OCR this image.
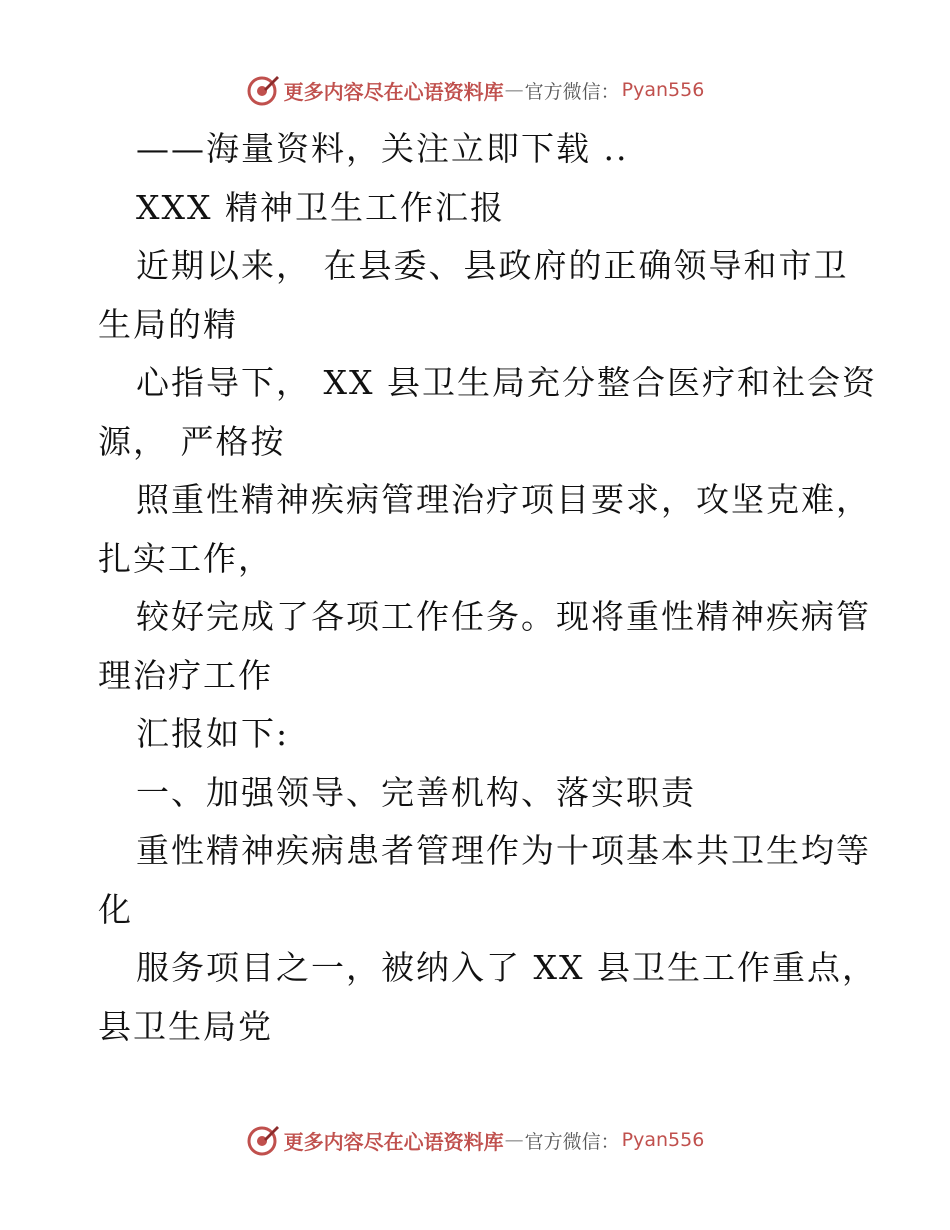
更多内容尽在心语资料库 — 官方微信： Pyan556
——海量资料，关注立即下载 ..
XXX 精神卫生工作汇报
近期以来， 在县委、县政府的正确领导和市卫
生局的精
心指导下， XX 县卫生局充分整合医疗和社会资
源， 严格按
照重性精神疾病管理治疗项目要求，攻坚克难，
扎实工作，
较好完成了各项工作任务。现将重性精神疾病管
理治疗工作
汇报如下:
一、加强领导、完善机构、落实职责
重性精神疾病患者管理作为十项基本共卫生均等
化
服务项目之一，被纳入了 XX 县卫生工作重点，
县卫生局党
更多内容尽在心语资料库 — 官方微信： Pyan556
